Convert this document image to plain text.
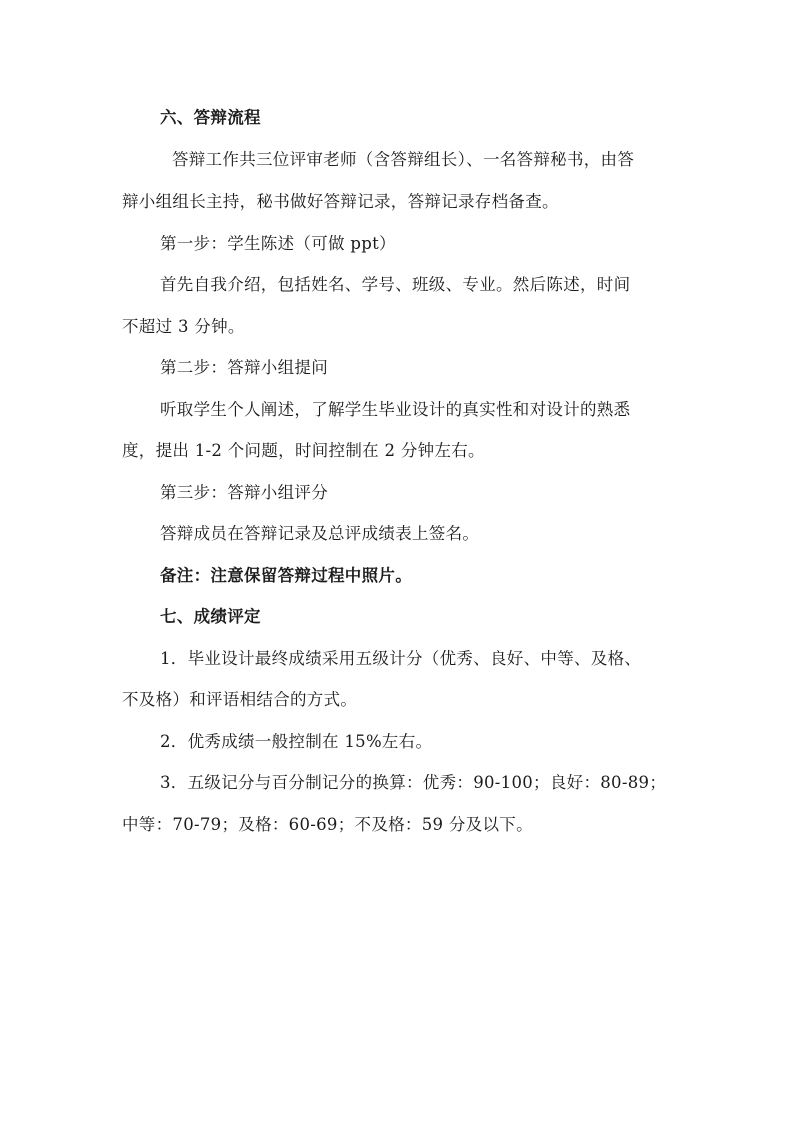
六、答辩流程
答辩工作共三位评审老师（含答辩组长）、一名答辩秘书，由答
辩小组组长主持，秘书做好答辩记录，答辩记录存档备查。
第一步：学生陈述（可做 ppt）
首先自我介绍，包括姓名、学号、班级、专业。然后陈述，时间
不超过 3 分钟。
第二步：答辩小组提问
听取学生个人阐述，了解学生毕业设计的真实性和对设计的熟悉
度，提出 1-2 个问题，时间控制在 2 分钟左右。
第三步：答辩小组评分
答辩成员在答辩记录及总评成绩表上签名。
备注：注意保留答辩过程中照片。
七、成绩评定
1．毕业设计最终成绩采用五级计分（优秀、良好、中等、及格、
不及格）和评语相结合的方式。
2．优秀成绩一般控制在 15%左右。
3．五级记分与百分制记分的换算：优秀：90-100；良好：80-89；
中等：70-79；及格：60-69；不及格：59 分及以下。
